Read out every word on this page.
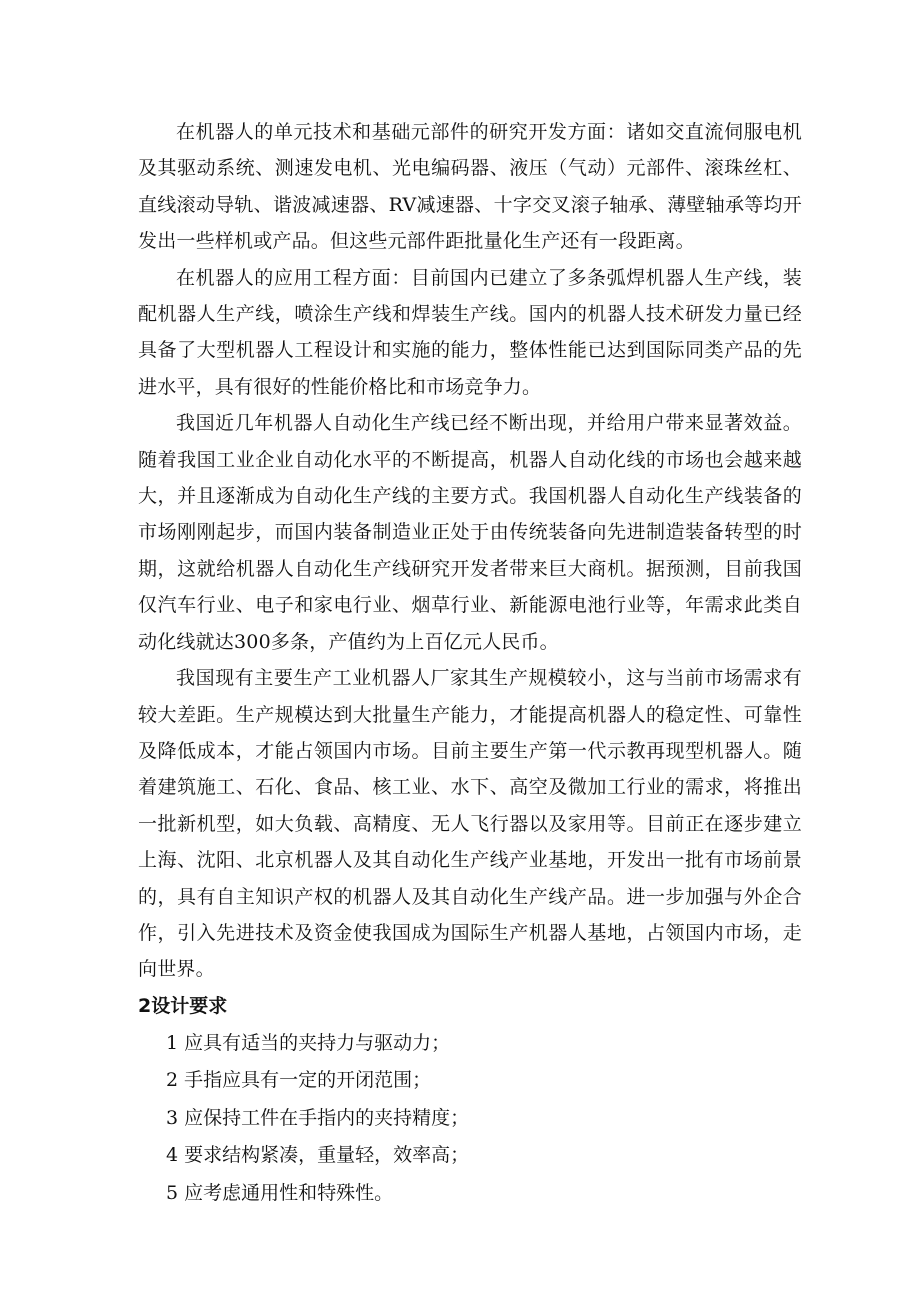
在机器人的单元技术和基础元部件的研究开发方面：诸如交直流伺服电机及其驱动系统、测速发电机、光电编码器、液压（气动）元部件、滚珠丝杠、直线滚动导轨、谐波减速器、RV减速器、十字交叉滚子轴承、薄壁轴承等均开发出一些样机或产品。但这些元部件距批量化生产还有一段距离。

在机器人的应用工程方面：目前国内已建立了多条弧焊机器人生产线，装配机器人生产线，喷涂生产线和焊装生产线。国内的机器人技术研发力量已经具备了大型机器人工程设计和实施的能力，整体性能已达到国际同类产品的先进水平，具有很好的性能价格比和市场竞争力。

我国近几年机器人自动化生产线已经不断出现，并给用户带来显著效益。随着我国工业企业自动化水平的不断提高，机器人自动化线的市场也会越来越大，并且逐渐成为自动化生产线的主要方式。我国机器人自动化生产线装备的市场刚刚起步，而国内装备制造业正处于由传统装备向先进制造装备转型的时期，这就给机器人自动化生产线研究开发者带来巨大商机。据预测，目前我国仅汽车行业、电子和家电行业、烟草行业、新能源电池行业等，年需求此类自动化线就达300多条，产值约为上百亿元人民币。

我国现有主要生产工业机器人厂家其生产规模较小，这与当前市场需求有较大差距。生产规模达到大批量生产能力，才能提高机器人的稳定性、可靠性及降低成本，才能占领国内市场。目前主要生产第一代示教再现型机器人。随着建筑施工、石化、食品、核工业、水下、高空及微加工行业的需求，将推出一批新机型，如大负载、高精度、无人飞行器以及家用等。目前正在逐步建立上海、沈阳、北京机器人及其自动化生产线产业基地，开发出一批有市场前景的，具有自主知识产权的机器人及其自动化生产线产品。进一步加强与外企合作，引入先进技术及资金使我国成为国际生产机器人基地，占领国内市场，走向世界。

2设计要求
1 应具有适当的夹持力与驱动力；
2 手指应具有一定的开闭范围；
3 应保持工件在手指内的夹持精度；
4 要求结构紧凑，重量轻，效率高；
5 应考虑通用性和特殊性。
